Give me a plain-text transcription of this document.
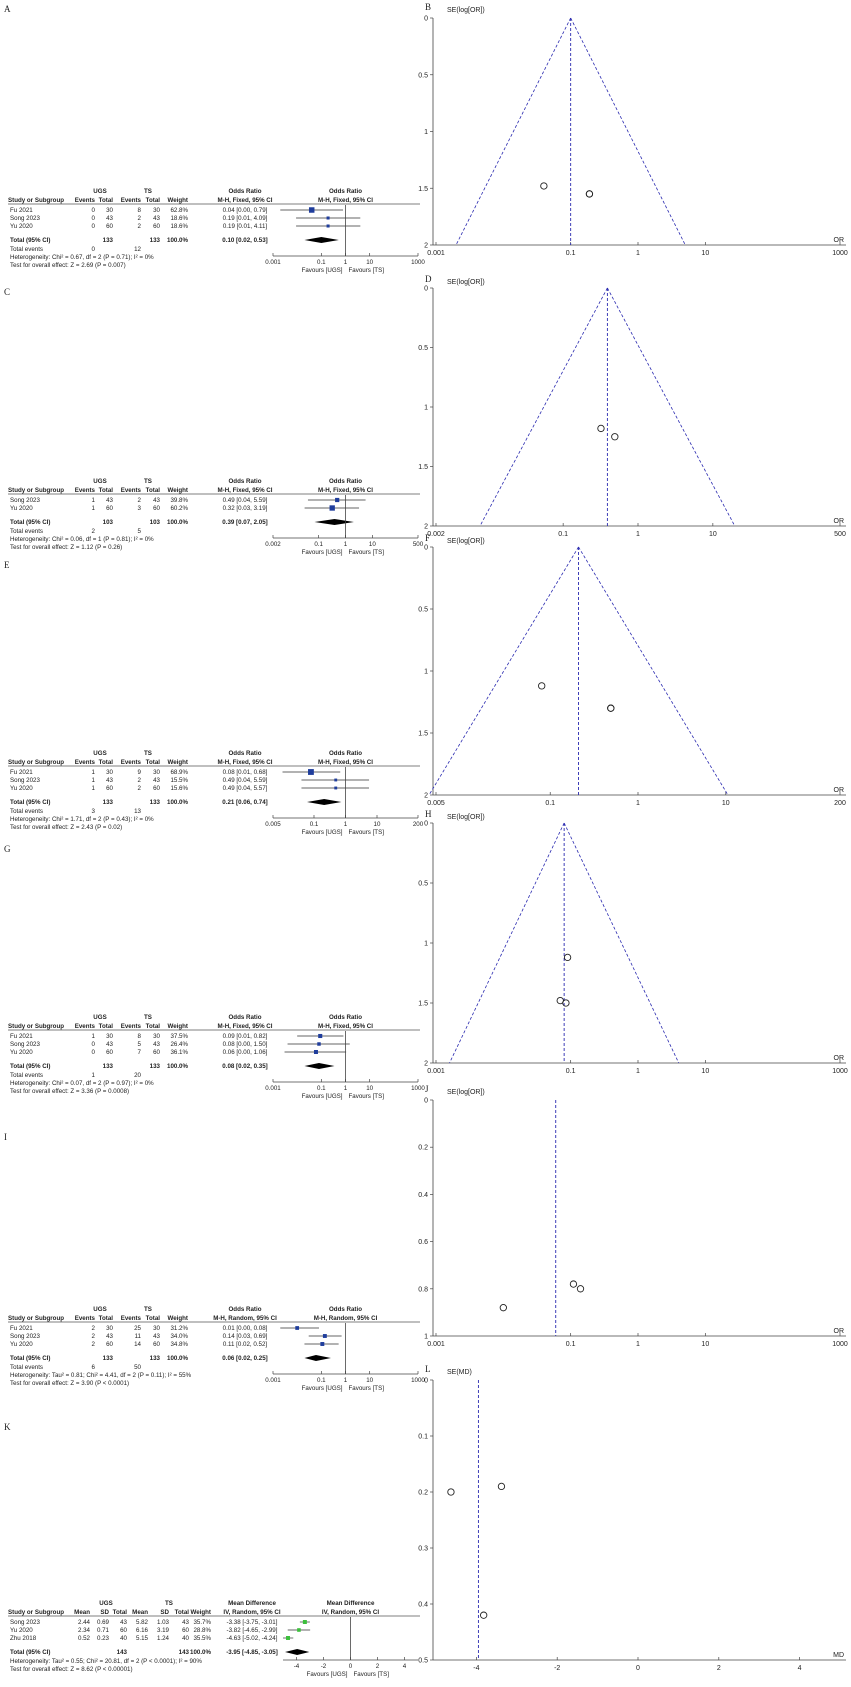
A
UGS	TS	Odds Ratio	Odds Ratio
Study or Subgroup Events Total Events Total Weight	M-H, Fixed, 95% CI	M-H, Fixed, 95% CI
Fu 2021	0 30	8 30 62.8%	0.04 [0.00, 0.79]
Song 2023	0 43	2 43 18.6%	0.19 [0.01, 4.09]
Yu 2020	0 60	2 60 18.6%	0.19 [0.01, 4.11]
Total (95% CI)	133	133 100.0%	0.10 [0.02, 0.53]
Total events	0	12
Heterogeneity: Chi² = 0.67, df = 2 (P = 0.71); I² = 0%
Test for overall effect: Z = 2.69 (P = 0.007)	0.001	0.1	1	10	1000
Favours [UGS] Favours [TS]
B SE(log[OR])
0
0.5
1
1.5
2
0.001	0.1	1	10	1000
OR
C
UGS	TS	Odds Ratio	Odds Ratio
Study or Subgroup Events Total Events Total Weight	M-H, Fixed, 95% CI	M-H, Fixed, 95% CI
Song 2023	1 43	2 43 39.8%	0.49 [0.04, 5.59]
Yu 2020	1 60	3 60 60.2%	0.32 [0.03, 3.19]
Total (95% CI)	103	103 100.0%	0.39 [0.07, 2.05]
Total events	2	5
Heterogeneity: Chi² = 0.06, df = 1 (P = 0.81); I² = 0%
Test for overall effect: Z = 1.12 (P = 0.26)	0.002	0.1	1	10	500
Favours [UGS] Favours [TS]
D SE(log[OR])
0
0.5
1
1.5
2
0.002	0.1	1	10	500
OR
E
UGS	TS	Odds Ratio	Odds Ratio
Study or Subgroup Events Total Events Total Weight	M-H, Fixed, 95% CI	M-H, Fixed, 95% CI
Fu 2021	1 30	9 30 68.9%	0.08 [0.01, 0.68]
Song 2023	1 43	2 43 15.5%	0.49 [0.04, 5.59]
Yu 2020	1 60	2 60 15.6%	0.49 [0.04, 5.57]
Total (95% CI)	133	133 100.0%	0.21 [0.06, 0.74]
Total events	3	13
Heterogeneity: Chi² = 1.71, df = 2 (P = 0.43); I² = 0%
Test for overall effect: Z = 2.43 (P = 0.02)	0.005	0.1	1	10	200
Favours [UGS] Favours [TS]
F SE(log[OR])
0
0.5
1
1.5
2
0.005	0.1	1	10	200
OR
G
UGS	TS	Odds Ratio	Odds Ratio
Study or Subgroup Events Total Events Total Weight	M-H, Fixed, 95% CI	M-H, Fixed, 95% CI
Fu 2021	1 30	8 30 37.5%	0.09 [0.01, 0.82]
Song 2023	0 43	5 43 26.4%	0.08 [0.00, 1.50]
Yu 2020	0 60	7 60 36.1%	0.06 [0.00, 1.06]
Total (95% CI)	133	133 100.0%	0.08 [0.02, 0.35]
Total events	1	20
Heterogeneity: Chi² = 0.07, df = 2 (P = 0.97); I² = 0%
Test for overall effect: Z = 3.36 (P = 0.0008)	0.001	0.1	1	10	1000
Favours [UGS] Favours [TS]
H SE(log[OR])
0
0.5
1
1.5
2
0.001	0.1	1	10	1000
OR
I
UGS	TS	Odds Ratio	Odds Ratio
Study or Subgroup Events Total Events Total Weight	M-H, Random, 95% CI	M-H, Random, 95% CI
Fu 2021	2 30	25 30 31.2%	0.01 [0.00, 0.08]
Song 2023	2 43	11 43 34.0%	0.14 [0.03, 0.69]
Yu 2020	2 60	14 60 34.8%	0.11 [0.02, 0.52]
Total (95% CI)	133	133 100.0%	0.06 [0.02, 0.25]
Total events	6	50
Heterogeneity: Tau² = 0.81; Chi² = 4.41, df = 2 (P = 0.11); I² = 55%
Test for overall effect: Z = 3.90 (P < 0.0001)	0.001	0.1	1	10	1000
Favours [UGS] Favours [TS]
J	SE(log[OR])
0
0.2
0.4
0.6
0.8
1
0.001	0.1	1	10	1000
OR
K
UGS	TS	Mean Difference	Mean Difference
Study or Subgroup Mean SD Total Mean SD Total Weight IV, Random, 95% CI	IV, Random, 95% CI
Song 2023	2.44 0.69 43 5.82 1.03 43 35.7%	-3.38 [-3.75, -3.01]
Yu 2020	2.34 0.71 60 6.16 3.19 60 28.8%	-3.82 [-4.65, -2.99]
Zhu 2018	0.52 0.23 40 5.15 1.24 40 35.5%	-4.63 [-5.02, -4.24]
Total (95% CI)	143	143 100.0% -3.95 [-4.85, -3.05]
Heterogeneity: Tau² = 0.55; Chi² = 20.81, df = 2 (P < 0.0001); I² = 90%
Test for overall effect: Z = 8.62 (P < 0.00001)	-4	-2	0	2	4
Favours [UGS] Favours [TS]
L SE(MD)
0
0.1
0.2
0.3
0.4
0.5
-4	-2	0	2	4
MD
